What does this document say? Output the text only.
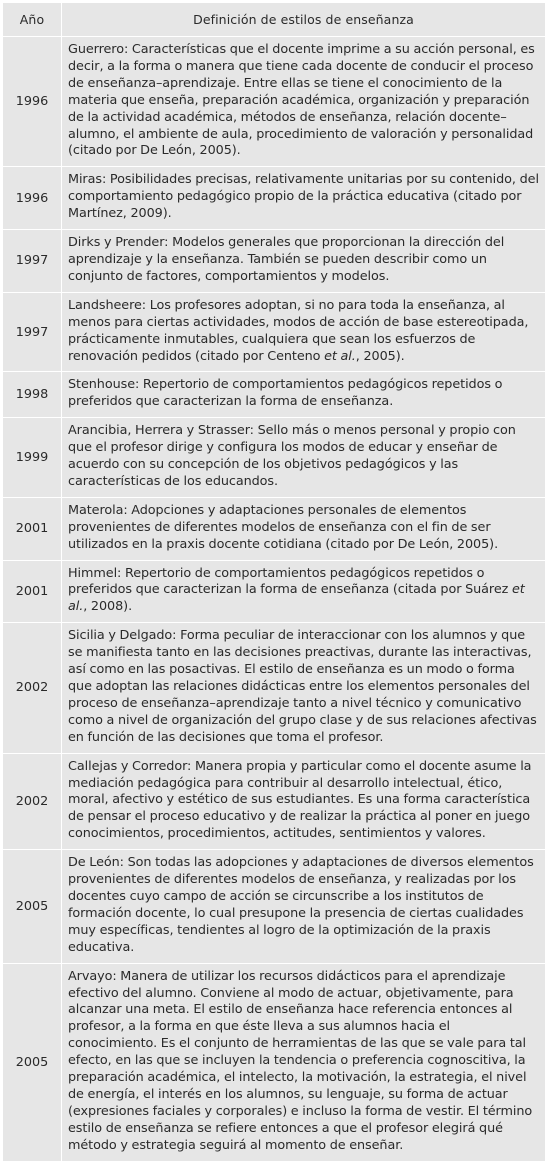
Año	Definición de estilos de enseñanza
1996	Guerrero: Características que el docente imprime a su acción personal, es decir, a la forma o manera que tiene cada docente de conducir el proceso de enseñanza–aprendizaje. Entre ellas se tiene el conocimiento de la materia que enseña, preparación académica, organización y preparación de la actividad académica, métodos de enseñanza, relación docente–alumno, el ambiente de aula, procedimiento de valoración y personalidad (citado por De León, 2005).
1996	Miras: Posibilidades precisas, relativamente unitarias por su contenido, del comportamiento pedagógico propio de la práctica educativa (citado por Martínez, 2009).
1997	Dirks y Prender: Modelos generales que proporcionan la dirección del aprendizaje y la enseñanza. También se pueden describir como un conjunto de factores, comportamientos y modelos.
1997	Landsheere: Los profesores adoptan, si no para toda la enseñanza, al menos para ciertas actividades, modos de acción de base estereotipada, prácticamente inmutables, cualquiera que sean los esfuerzos de renovación pedidos (citado por Centeno et al., 2005).
1998	Stenhouse: Repertorio de comportamientos pedagógicos repetidos o preferidos que caracterizan la forma de enseñanza.
1999	Arancibia, Herrera y Strasser: Sello más o menos personal y propio con que el profesor dirige y configura los modos de educar y enseñar de acuerdo con su concepción de los objetivos pedagógicos y las características de los educandos.
2001	Materola: Adopciones y adaptaciones personales de elementos provenientes de diferentes modelos de enseñanza con el fin de ser utilizados en la praxis docente cotidiana (citado por De León, 2005).
2001	Himmel: Repertorio de comportamientos pedagógicos repetidos o preferidos que caracterizan la forma de enseñanza (citada por Suárez et al., 2008).
2002	Sicilia y Delgado: Forma peculiar de interaccionar con los alumnos y que se manifiesta tanto en las decisiones preactivas, durante las interactivas, así como en las posactivas. El estilo de enseñanza es un modo o forma que adoptan las relaciones didácticas entre los elementos personales del proceso de enseñanza–aprendizaje tanto a nivel técnico y comunicativo como a nivel de organización del grupo clase y de sus relaciones afectivas en función de las decisiones que toma el profesor.
2002	Callejas y Corredor: Manera propia y particular como el docente asume la mediación pedagógica para contribuir al desarrollo intelectual, ético, moral, afectivo y estético de sus estudiantes. Es una forma característica de pensar el proceso educativo y de realizar la práctica al poner en juego conocimientos, procedimientos, actitudes, sentimientos y valores.
2005	De León: Son todas las adopciones y adaptaciones de diversos elementos provenientes de diferentes modelos de enseñanza, y realizadas por los docentes cuyo campo de acción se circunscribe a los institutos de formación docente, lo cual presupone la presencia de ciertas cualidades muy específicas, tendientes al logro de la optimización de la praxis educativa.
2005	Arvayo: Manera de utilizar los recursos didácticos para el aprendizaje efectivo del alumno. Conviene al modo de actuar, objetivamente, para alcanzar una meta. El estilo de enseñanza hace referencia entonces al profesor, a la forma en que éste lleva a sus alumnos hacia el conocimiento. Es el conjunto de herramientas de las que se vale para tal efecto, en las que se incluyen la tendencia o preferencia cognoscitiva, la preparación académica, el intelecto, la motivación, la estrategia, el nivel de energía, el interés en los alumnos, su lenguaje, su forma de actuar (expresiones faciales y corporales) e incluso la forma de vestir. El término estilo de enseñanza se refiere entonces a que el profesor elegirá qué método y estrategia seguirá al momento de enseñar.
